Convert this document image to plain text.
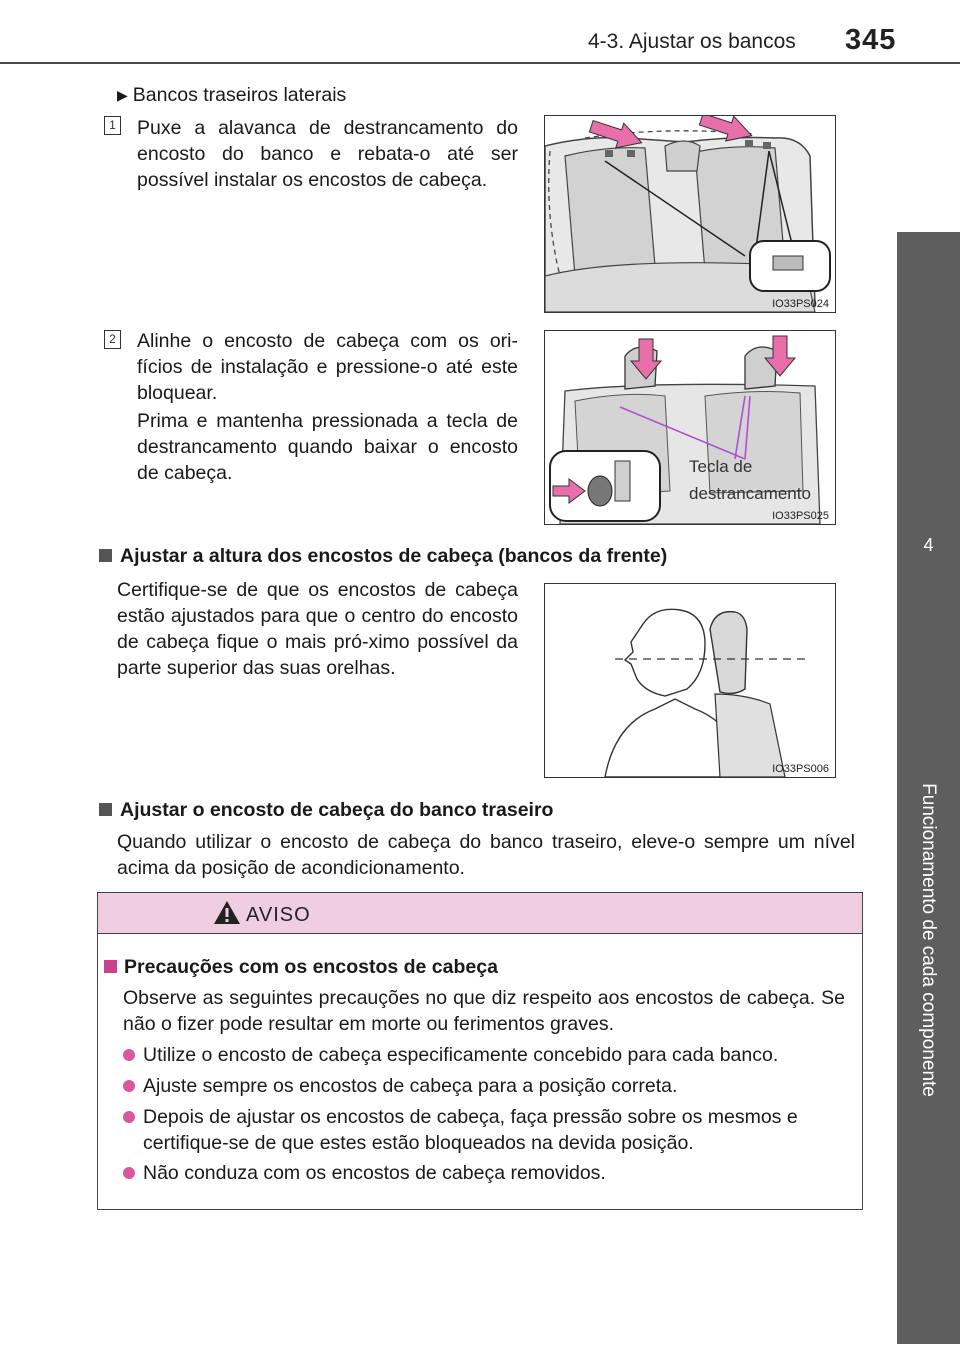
4-3. Ajustar os bancos 345
4
Funcionamento de cada componente
▶ Bancos traseiros laterais
1 Puxe a alavanca de destrancamento do encosto do banco e rebata-o até ser possível instalar os encostos de cabeça.
IO33PS024
2 Alinhe o encosto de cabeça com os ori-fícios de instalação e pressione-o até este bloquear.
Prima e mantenha pressionada a tecla de destrancamento quando baixar o encosto de cabeça.	Tecla de
destrancamento
IO33PS025
Ajustar a altura dos encostos de cabeça (bancos da frente)
Certifique-se de que os encostos de cabeça estão ajustados para que o centro do encosto de cabeça fique o mais pró-ximo possível da parte superior das suas orelhas.
IO33PS006
Ajustar o encosto de cabeça do banco traseiro
Quando utilizar o encosto de cabeça do banco traseiro, eleve-o sempre um nível acima da posição de acondicionamento.
AVISO
Precauções com os encostos de cabeça
Observe as seguintes precauções no que diz respeito aos encostos de cabeça. Se não o fizer pode resultar em morte ou ferimentos graves.
Utilize o encosto de cabeça especificamente concebido para cada banco.
Ajuste sempre os encostos de cabeça para a posição correta.
Depois de ajustar os encostos de cabeça, faça pressão sobre os mesmos e certifique-se de que estes estão bloqueados na devida posição.
Não conduza com os encostos de cabeça removidos.
